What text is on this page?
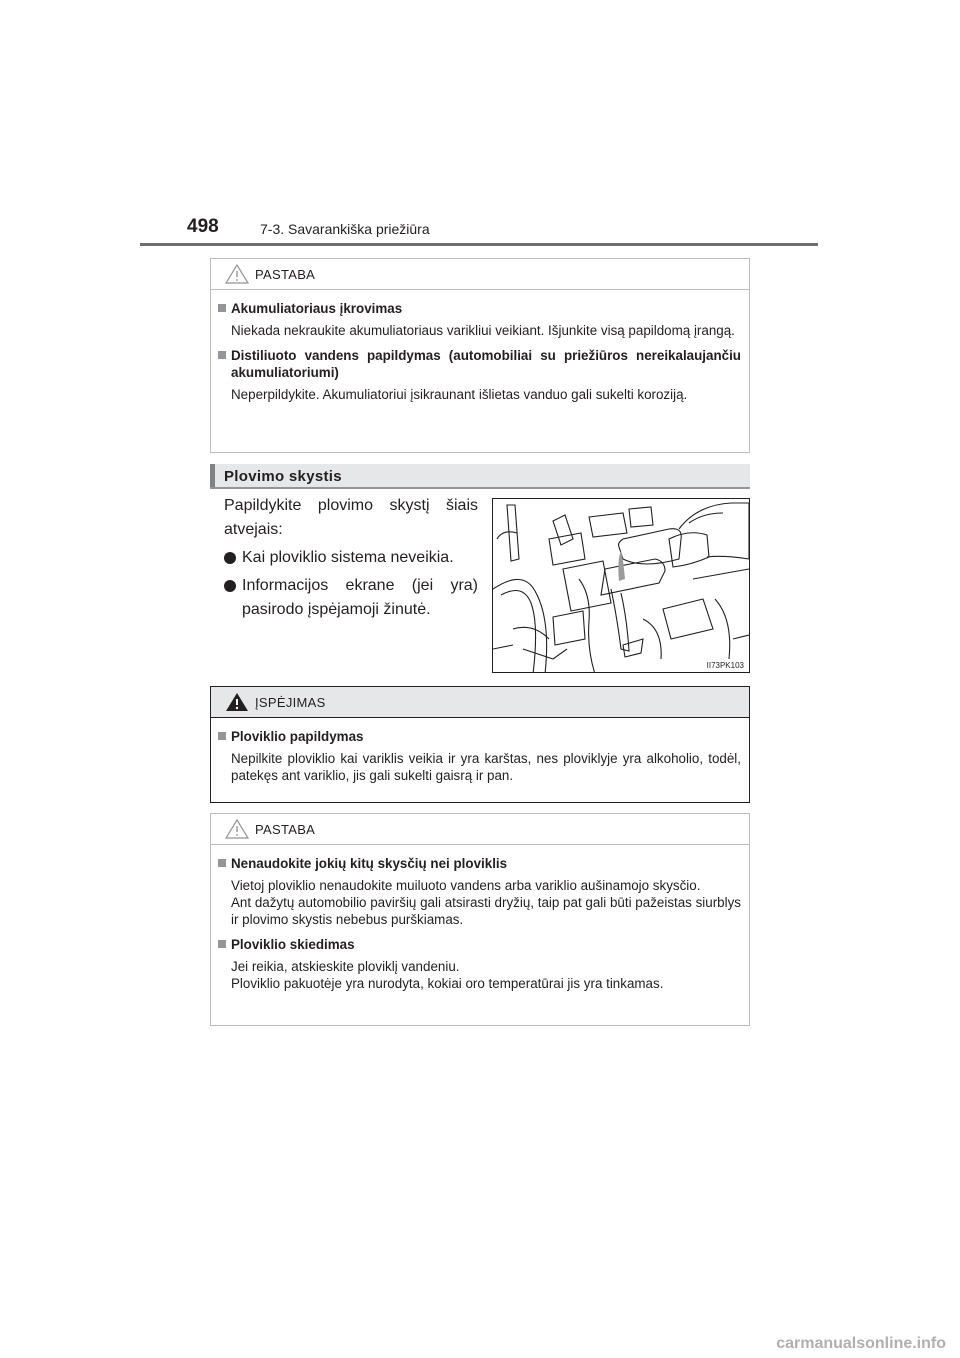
498	7-3. Savarankiška priežiūra
PASTABA
Akumuliatoriaus įkrovimas
Niekada nekraukite akumuliatoriaus varikliui veikiant. Išjunkite visą papildomą įrangą.
Distiliuoto vandens papildymas (automobiliai su priežiūros nereikalaujančiu akumuliatoriumi)
Neperpildykite. Akumuliatoriui įsikraunant išlietas vanduo gali sukelti koroziją.
Plovimo skystis
Papildykite plovimo skystį šiais atvejais:
Kai ploviklio sistema neveikia.
Informacijos ekrane (jei yra) pasirodo įspėjamoji žinutė.
II73PK103
ĮSPĖJIMAS
Ploviklio papildymas
Nepilkite ploviklio kai variklis veikia ir yra karštas, nes ploviklyje yra alkoholio, todėl, patekęs ant variklio, jis gali sukelti gaisrą ir pan.
PASTABA
Nenaudokite jokių kitų skysčių nei ploviklis
Vietoj ploviklio nenaudokite muiluoto vandens arba variklio aušinamojo skysčio.
Ant dažytų automobilio paviršių gali atsirasti dryžių, taip pat gali būti pažeistas siurblys ir plovimo skystis nebebus purškiamas.
Ploviklio skiedimas
Jei reikia, atskieskite ploviklį vandeniu.
Ploviklio pakuotėje yra nurodyta, kokiai oro temperatūrai jis yra tinkamas.
carmanualsonline.info
